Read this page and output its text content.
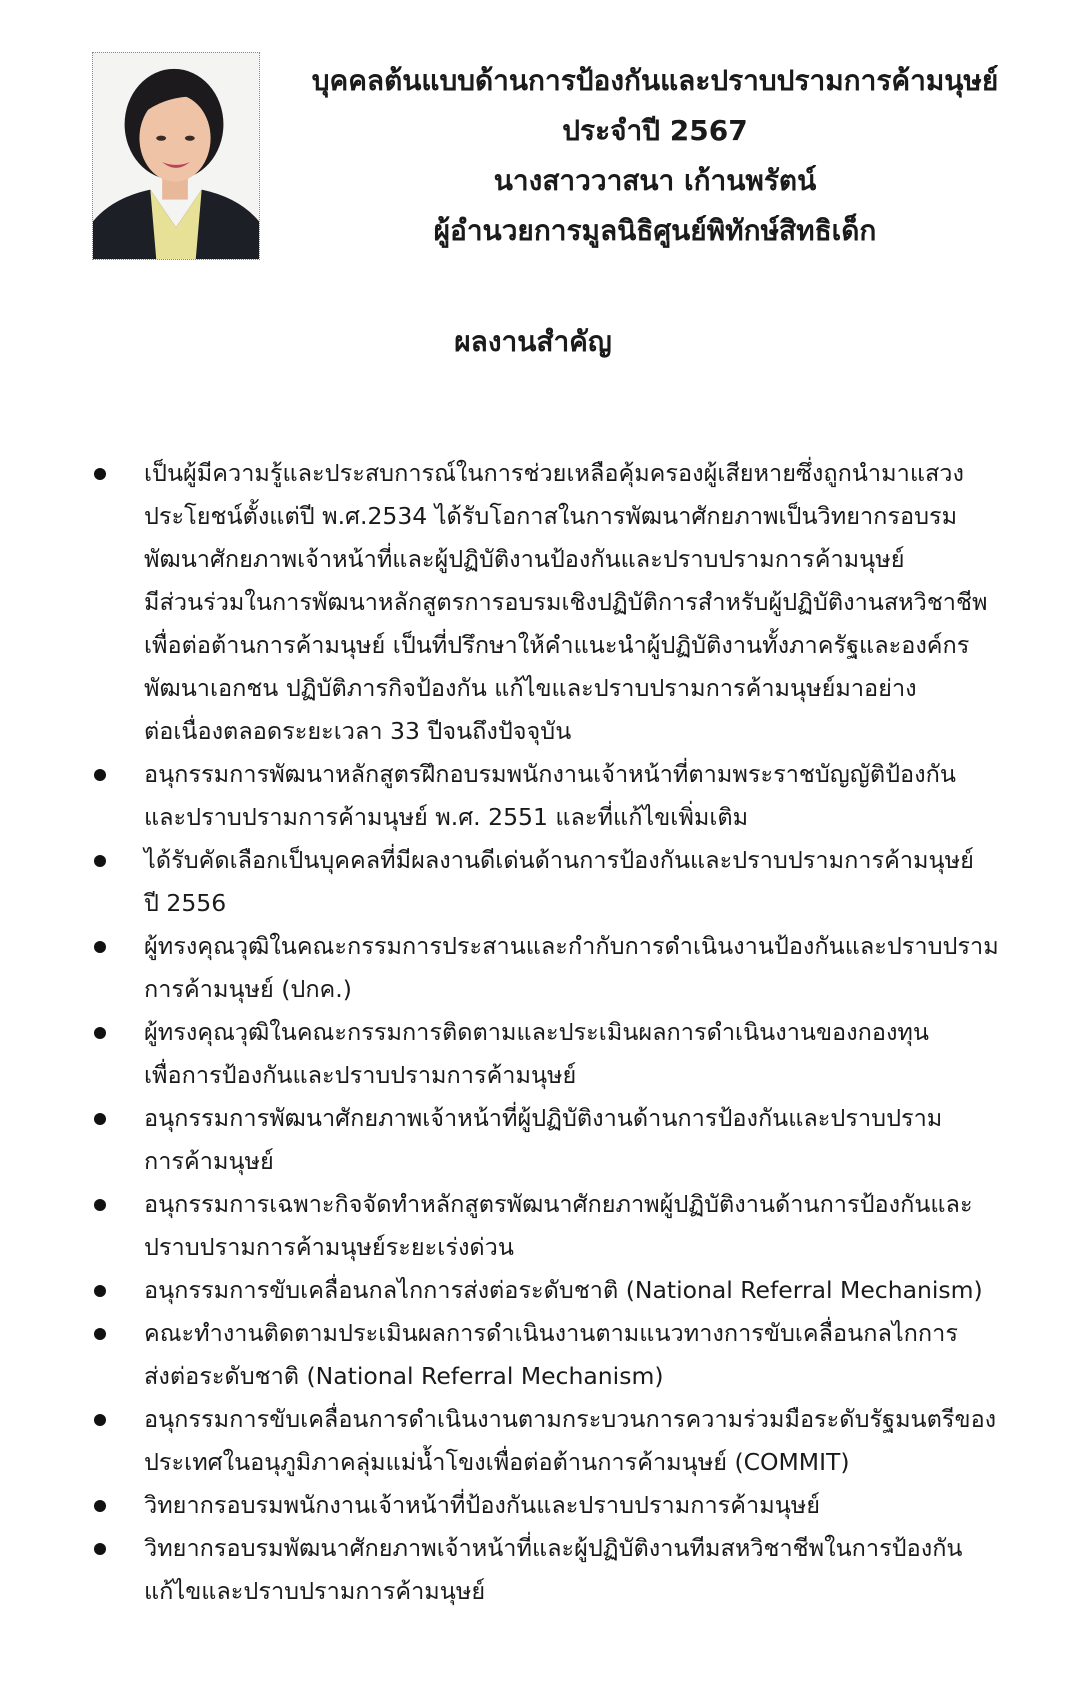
บุคคลต้นแบบด้านการป้องกันและปราบปรามการค้ามนุษย์
ประจำปี 2567
นางสาววาสนา เก้านพรัตน์
ผู้อำนวยการมูลนิธิศูนย์พิทักษ์สิทธิเด็ก
ผลงานสำคัญ
เป็นผู้มีความรู้และประสบการณ์ในการช่วยเหลือคุ้มครองผู้เสียหายซึ่งถูกนำมาแสวง
ประโยชน์ตั้งแต่ปี พ.ศ.2534 ได้รับโอกาสในการพัฒนาศักยภาพเป็นวิทยากรอบรม
พัฒนาศักยภาพเจ้าหน้าที่และผู้ปฏิบัติงานป้องกันและปราบปรามการค้ามนุษย์
มีส่วนร่วมในการพัฒนาหลักสูตรการอบรมเชิงปฏิบัติการสำหรับผู้ปฏิบัติงานสหวิชาชีพ
เพื่อต่อต้านการค้ามนุษย์ เป็นที่ปรึกษาให้คำแนะนำผู้ปฏิบัติงานทั้งภาครัฐและองค์กร
พัฒนาเอกชน ปฏิบัติภารกิจป้องกัน แก้ไขและปราบปรามการค้ามนุษย์มาอย่าง
ต่อเนื่องตลอดระยะเวลา 33 ปีจนถึงปัจจุบัน
อนุกรรมการพัฒนาหลักสูตรฝึกอบรมพนักงานเจ้าหน้าที่ตามพระราชบัญญัติป้องกัน
และปราบปรามการค้ามนุษย์ พ.ศ. 2551 และที่แก้ไขเพิ่มเติม
ได้รับคัดเลือกเป็นบุคคลที่มีผลงานดีเด่นด้านการป้องกันและปราบปรามการค้ามนุษย์
ปี 2556
ผู้ทรงคุณวุฒิในคณะกรรมการประสานและกำกับการดำเนินงานป้องกันและปราบปราม
การค้ามนุษย์ (ปกค.)
ผู้ทรงคุณวุฒิในคณะกรรมการติดตามและประเมินผลการดำเนินงานของกองทุน
เพื่อการป้องกันและปราบปรามการค้ามนุษย์
อนุกรรมการพัฒนาศักยภาพเจ้าหน้าที่ผู้ปฏิบัติงานด้านการป้องกันและปราบปราม
การค้ามนุษย์
อนุกรรมการเฉพาะกิจจัดทำหลักสูตรพัฒนาศักยภาพผู้ปฏิบัติงานด้านการป้องกันและ
ปราบปรามการค้ามนุษย์ระยะเร่งด่วน
อนุกรรมการขับเคลื่อนกลไกการส่งต่อระดับชาติ (National Referral Mechanism)
คณะทำงานติดตามประเมินผลการดำเนินงานตามแนวทางการขับเคลื่อนกลไกการ
ส่งต่อระดับชาติ (National Referral Mechanism)
อนุกรรมการขับเคลื่อนการดำเนินงานตามกระบวนการความร่วมมือระดับรัฐมนตรีของ
ประเทศในอนุภูมิภาคลุ่มแม่น้ำโขงเพื่อต่อต้านการค้ามนุษย์ (COMMIT)
วิทยากรอบรมพนักงานเจ้าหน้าที่ป้องกันและปราบปรามการค้ามนุษย์
วิทยากรอบรมพัฒนาศักยภาพเจ้าหน้าที่และผู้ปฏิบัติงานทีมสหวิชาชีพในการป้องกัน
แก้ไขและปราบปรามการค้ามนุษย์
